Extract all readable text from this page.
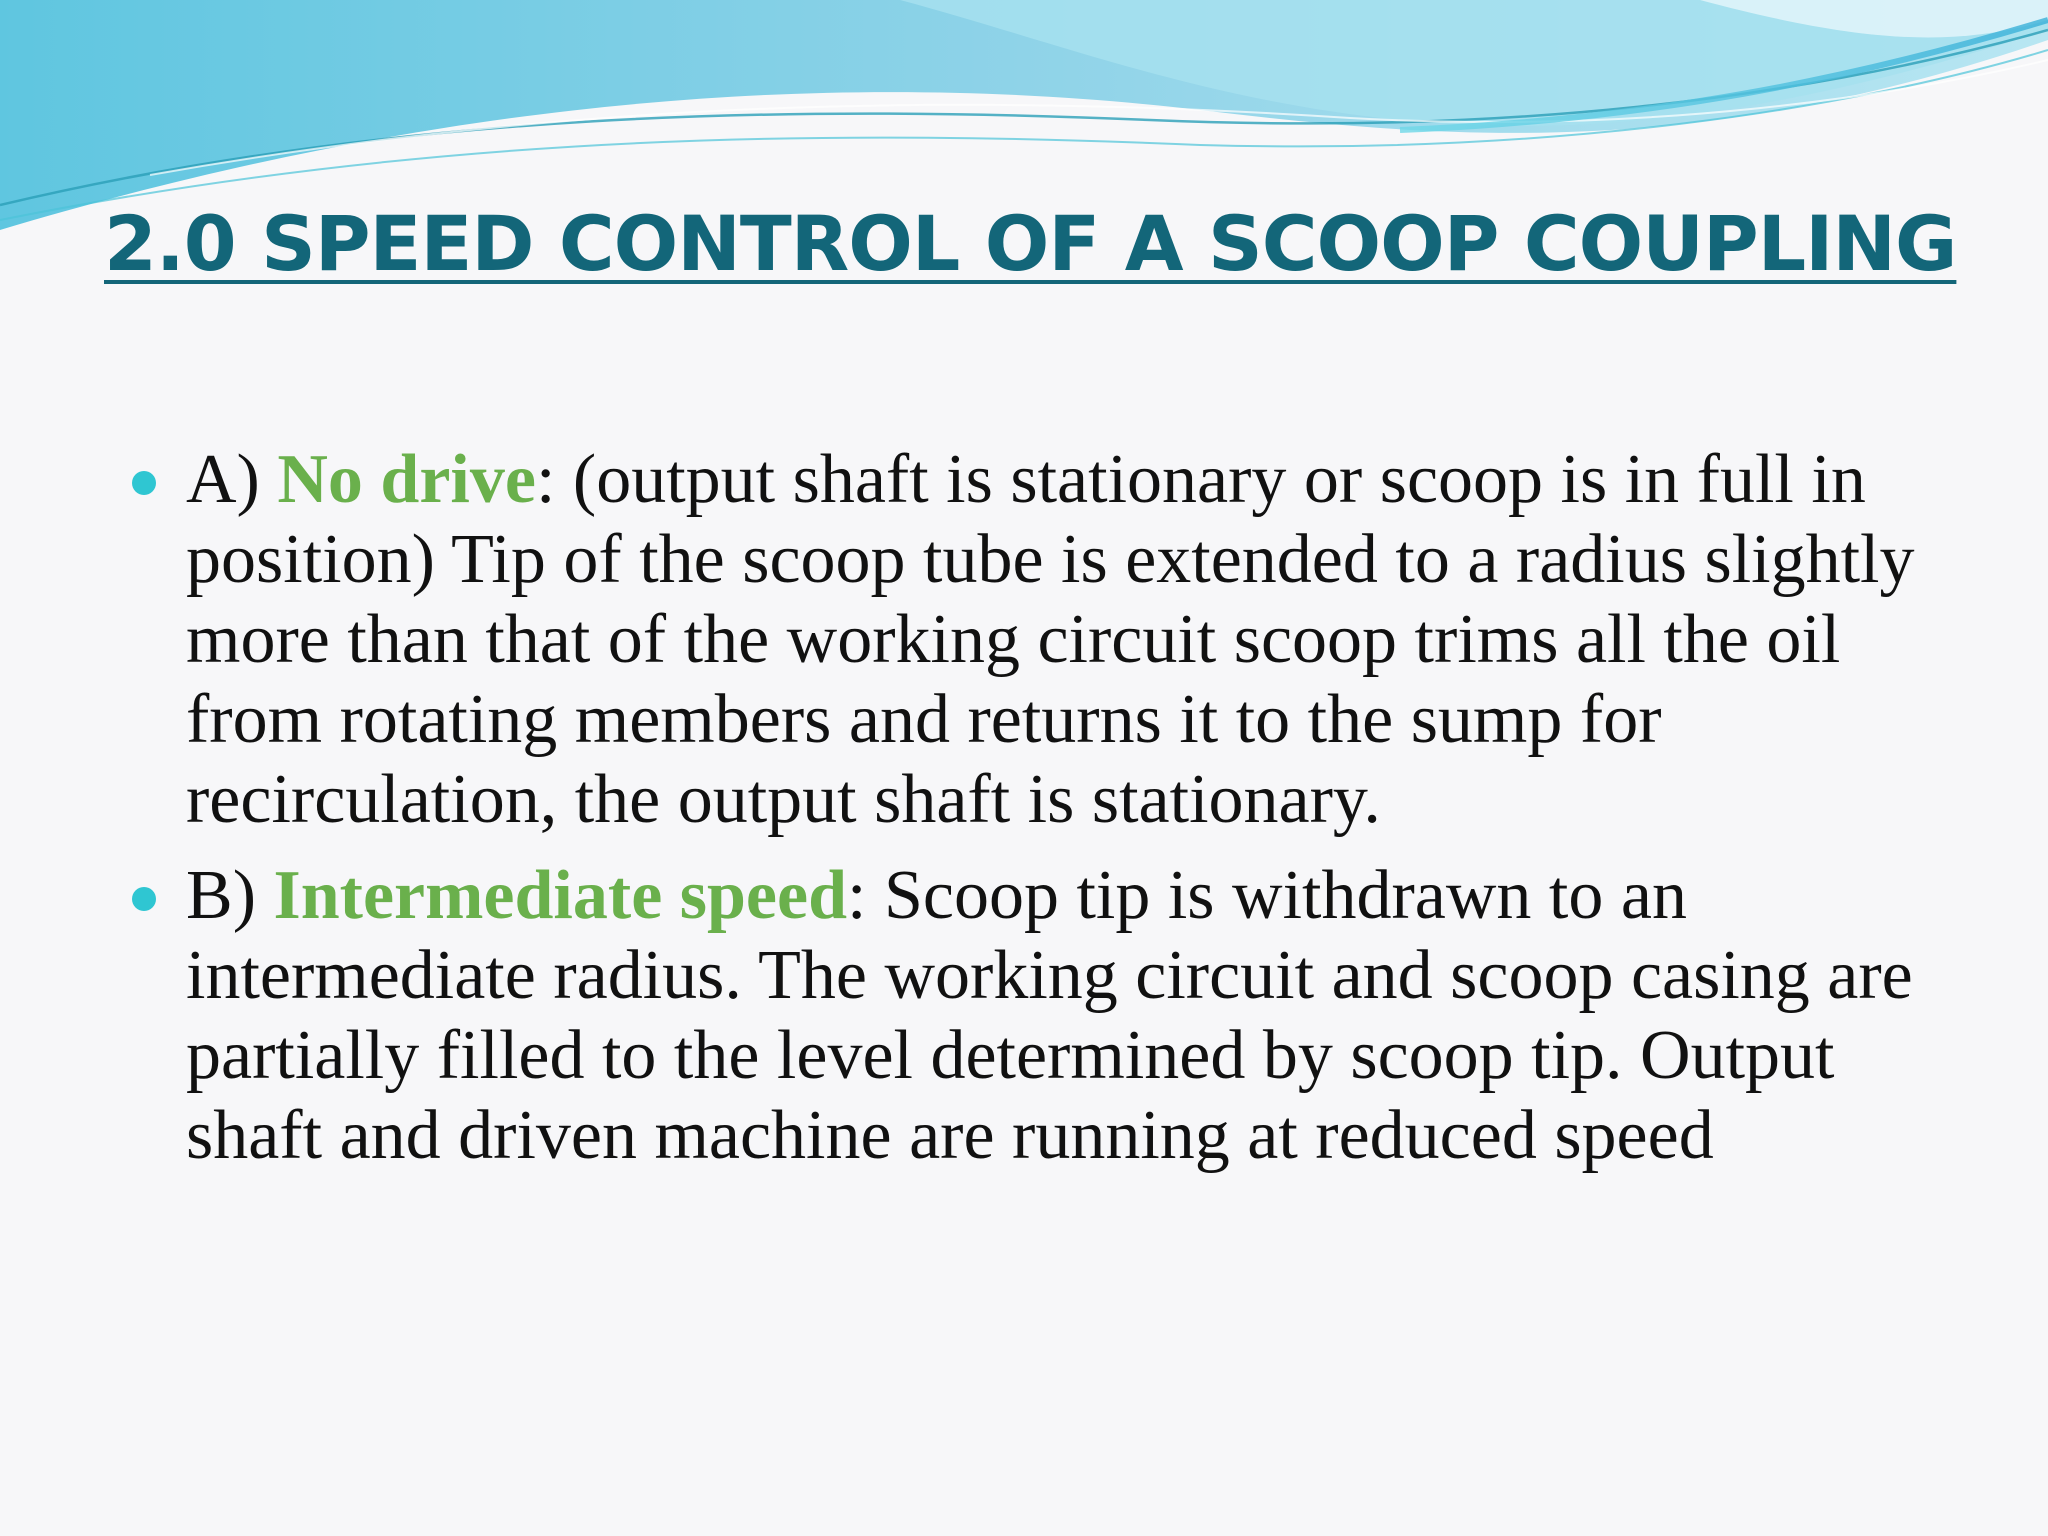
2.0 SPEED CONTROL OF A SCOOP COUPLING
A) No drive: (output shaft is stationary or scoop is in full in position) Tip of the scoop tube is extended to a radius slightly more than that of the working circuit scoop trims all the oil from rotating members and returns it to the sump for recirculation, the output shaft is stationary.
B) Intermediate speed: Scoop tip is withdrawn to an intermediate radius. The working circuit and scoop casing are partially filled to the level determined by scoop tip. Output shaft and driven machine are running at reduced speed
